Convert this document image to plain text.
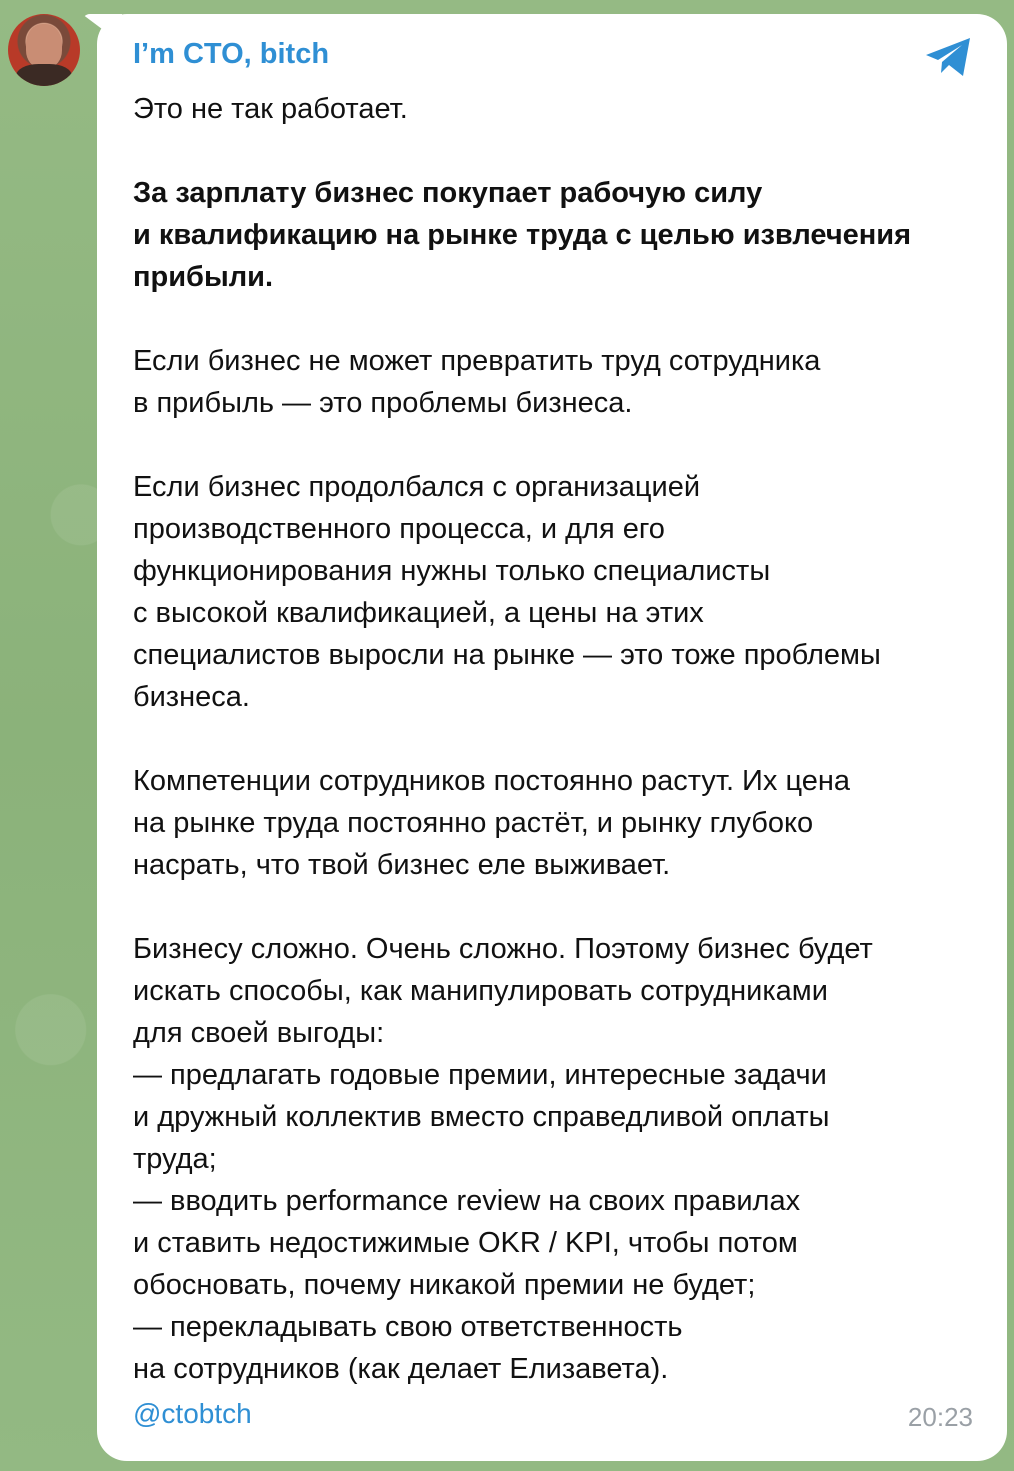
I’m CTO, bitch

Это не так работает.

За зарплату бизнес покупает рабочую силу
и квалификацию на рынке труда с целью извлечения
прибыли.

Если бизнес не может превратить труд сотрудника
в прибыль — это проблемы бизнеса.

Если бизнес продолбался с организацией
производственного процесса, и для его
функционирования нужны только специалисты
с высокой квалификацией, а цены на этих
специалистов выросли на рынке — это тоже проблемы
бизнеса.

Компетенции сотрудников постоянно растут. Их цена
на рынке труда постоянно растёт, и рынку глубоко
насрать, что твой бизнес еле выживает.

Бизнесу сложно. Очень сложно. Поэтому бизнес будет
искать способы, как манипулировать сотрудниками
для своей выгоды:
— предлагать годовые премии, интересные задачи
и дружный коллектив вместо справедливой оплаты
труда;
— вводить performance review на своих правилах
и ставить недостижимые OKR / KPI, чтобы потом
обосновать, почему никакой премии не будет;
— перекладывать свою ответственность
на сотрудников (как делает Елизавета).

@ctobtch	20:23
